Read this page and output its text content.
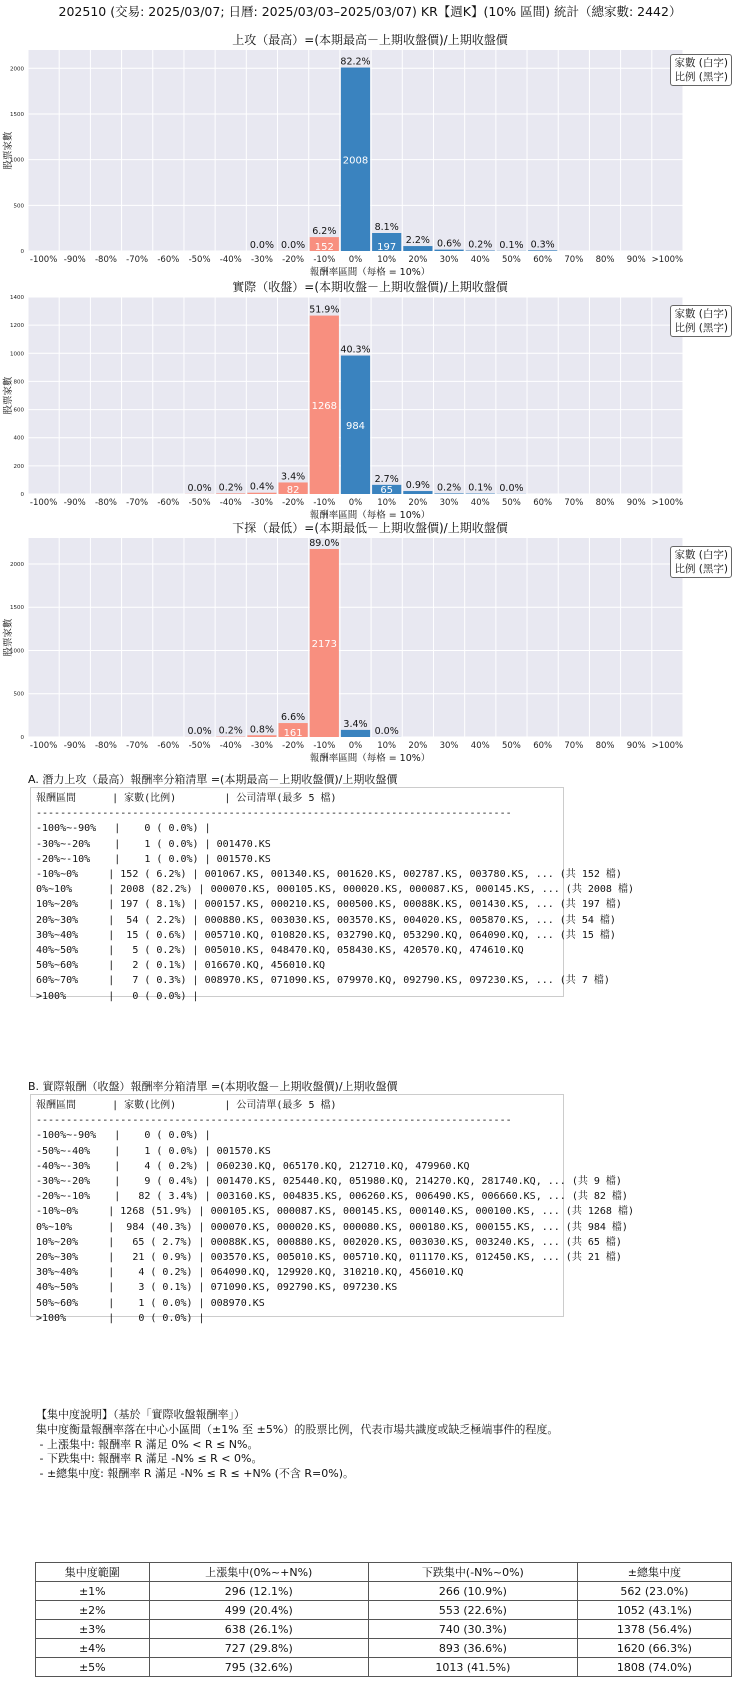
202510 (交易: 2025/03/07; 日曆: 2025/03/03–2025/03/07) KR【週K】(10% 區間) 統計（總家數: 2442）
上攻（最高）=(本期最高－上期收盤價)/上期收盤價
0
500
1000
1500
2000
股票家數
-100% -90% -80% -70% -60% -50% -40% -30% -20% -10% 0% 10% 20% 30% 40% 50% 60% 70% 80% 90% >100%
報酬率區間（每格 = 10%）
0.0% 0.0%
6.2%
152
82.2%
2008
8.1%
197
2.2% 0.6% 0.2% 0.1% 0.3%
家數 (白字)
比例 (黑字)
實際（收盤）=(本期收盤－上期收盤價)/上期收盤價
0
200
400
600
800
1000
1200
1400
股票家數
-100% -90% -80% -70% -60% -50% -40% -30% -20% -10% 0% 10% 20% 30% 40% 50% 60% 70% 80% 90% >100%
報酬率區間（每格 = 10%）
0.0% 0.2% 0.4%
3.4%
82
51.9%
1268
40.3%
984
2.7%
65 0.9% 0.2% 0.1% 0.0%
家數 (白字)
比例 (黑字)
下探（最低）=(本期最低－上期收盤價)/上期收盤價
0
500
1000
1500
2000
股票家數
-100% -90% -80% -70% -60% -50% -40% -30% -20% -10% 0% 10% 20% 30% 40% 50% 60% 70% 80% 90% >100%
報酬率區間（每格 = 10%）
0.0% 0.2% 0.8%
6.6%
161
89.0%
2173
3.4%
0.0%
家數 (白字)
比例 (黑字)
A. 潛力上攻（最高）報酬率分箱清單 =(本期最高－上期收盤價)/上期收盤價
報酬區間      | 家數(比例)        | 公司清單(最多 5 檔)
-------------------------------------------------------------------------------
-100%~-90%   |    0 ( 0.0%) |
-30%~-20%    |    1 ( 0.0%) | 001470.KS
-20%~-10%    |    1 ( 0.0%) | 001570.KS
-10%~0%     | 152 ( 6.2%) | 001067.KS, 001340.KS, 001620.KS, 002787.KS, 003780.KS, ... (共 152 檔)
0%~10%      | 2008 (82.2%) | 000070.KS, 000105.KS, 000020.KS, 000087.KS, 000145.KS, ... (共 2008 檔)
10%~20%     | 197 ( 8.1%) | 000157.KS, 000210.KS, 000500.KS, 00088K.KS, 001430.KS, ... (共 197 檔)
20%~30%     |  54 ( 2.2%) | 000880.KS, 003030.KS, 003570.KS, 004020.KS, 005870.KS, ... (共 54 檔)
30%~40%     |  15 ( 0.6%) | 005710.KQ, 010820.KS, 032790.KQ, 053290.KQ, 064090.KQ, ... (共 15 檔)
40%~50%     |   5 ( 0.2%) | 005010.KS, 048470.KQ, 058430.KS, 420570.KQ, 474610.KQ
50%~60%     |   2 ( 0.1%) | 016670.KQ, 456010.KQ
60%~70%     |   7 ( 0.3%) | 008970.KS, 071090.KS, 079970.KQ, 092790.KS, 097230.KS, ... (共 7 檔)
>100%       |   0 ( 0.0%) |
B. 實際報酬（收盤）報酬率分箱清單 =(本期收盤－上期收盤價)/上期收盤價
報酬區間      | 家數(比例)        | 公司清單(最多 5 檔)
-------------------------------------------------------------------------------
-100%~-90%   |    0 ( 0.0%) |
-50%~-40%    |    1 ( 0.0%) | 001570.KS
-40%~-30%    |    4 ( 0.2%) | 060230.KQ, 065170.KQ, 212710.KQ, 479960.KQ
-30%~-20%    |    9 ( 0.4%) | 001470.KS, 025440.KQ, 051980.KQ, 214270.KQ, 281740.KQ, ... (共 9 檔)
-20%~-10%    |   82 ( 3.4%) | 003160.KS, 004835.KS, 006260.KS, 006490.KS, 006660.KS, ... (共 82 檔)
-10%~0%     | 1268 (51.9%) | 000105.KS, 000087.KS, 000145.KS, 000140.KS, 000100.KS, ... (共 1268 檔)
0%~10%      |  984 (40.3%) | 000070.KS, 000020.KS, 000080.KS, 000180.KS, 000155.KS, ... (共 984 檔)
10%~20%     |   65 ( 2.7%) | 00088K.KS, 000880.KS, 002020.KS, 003030.KS, 003240.KS, ... (共 65 檔)
20%~30%     |   21 ( 0.9%) | 003570.KS, 005010.KS, 005710.KQ, 011170.KS, 012450.KS, ... (共 21 檔)
30%~40%     |    4 ( 0.2%) | 064090.KQ, 129920.KQ, 310210.KQ, 456010.KQ
40%~50%     |    3 ( 0.1%) | 071090.KS, 092790.KS, 097230.KS
50%~60%     |    1 ( 0.0%) | 008970.KS
>100%       |    0 ( 0.0%) |
【集中度說明】（基於「實際收盤報酬率」）
集中度衡量報酬率落在中心小區間（±1% 至 ±5%）的股票比例，代表市場共識度或缺乏極端事件的程度。
- 上漲集中: 報酬率 R 滿足 0% < R ≤ N%。
- 下跌集中: 報酬率 R 滿足 -N% ≤ R < 0%。
- ±總集中度: 報酬率 R 滿足 -N% ≤ R ≤ +N% (不含 R=0%)。
集中度範圍	上漲集中(0%~+N%)	下跌集中(-N%~0%)	±總集中度
±1%	296 (12.1%)	266 (10.9%)	562 (23.0%)
±2%	499 (20.4%)	553 (22.6%)	1052 (43.1%)
±3%	638 (26.1%)	740 (30.3%)	1378 (56.4%)
±4%	727 (29.8%)	893 (36.6%)	1620 (66.3%)
±5%	795 (32.6%)	1013 (41.5%)	1808 (74.0%)
